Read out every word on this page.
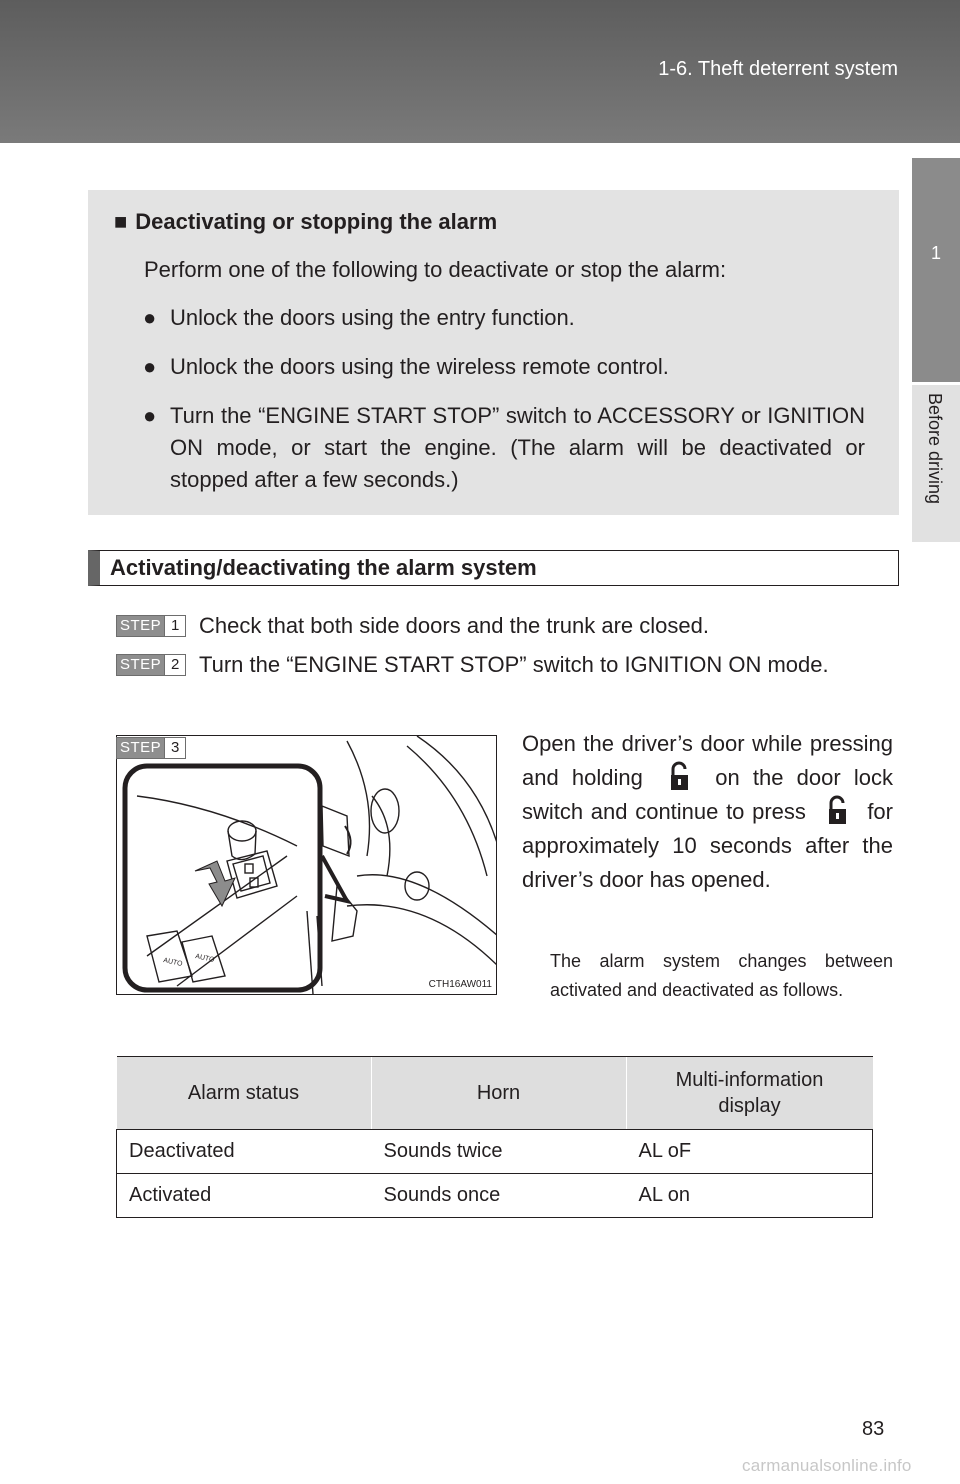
1-6. Theft deterrent system
1
Before driving
■ Deactivating or stopping the alarm
Perform one of the following to deactivate or stop the alarm:
● Unlock the doors using the entry function.
● Unlock the doors using the wireless remote control.
● Turn the “ENGINE START STOP” switch to ACCESSORY or IGNITION ON mode, or start the engine. (The alarm will be deactivated or stopped after a few seconds.)
Activating/deactivating the alarm system
STEP 1 Check that both side doors and the trunk are closed.
STEP 2 Turn the “ENGINE START STOP” switch to IGNITION ON mode.
STEP 3
AUTO AUTO
CTH16AW011
Open the driver’s door while pressing and holding	on the door lock switch and continue to press	for approximately 10 seconds after the driver’s door has opened.
The alarm system changes between activated and deactivated as follows.
Alarm status	Horn	Multi-information display
Deactivated	Sounds twice	AL oF
Activated	Sounds once	AL on
83
carmanualsonline.info
